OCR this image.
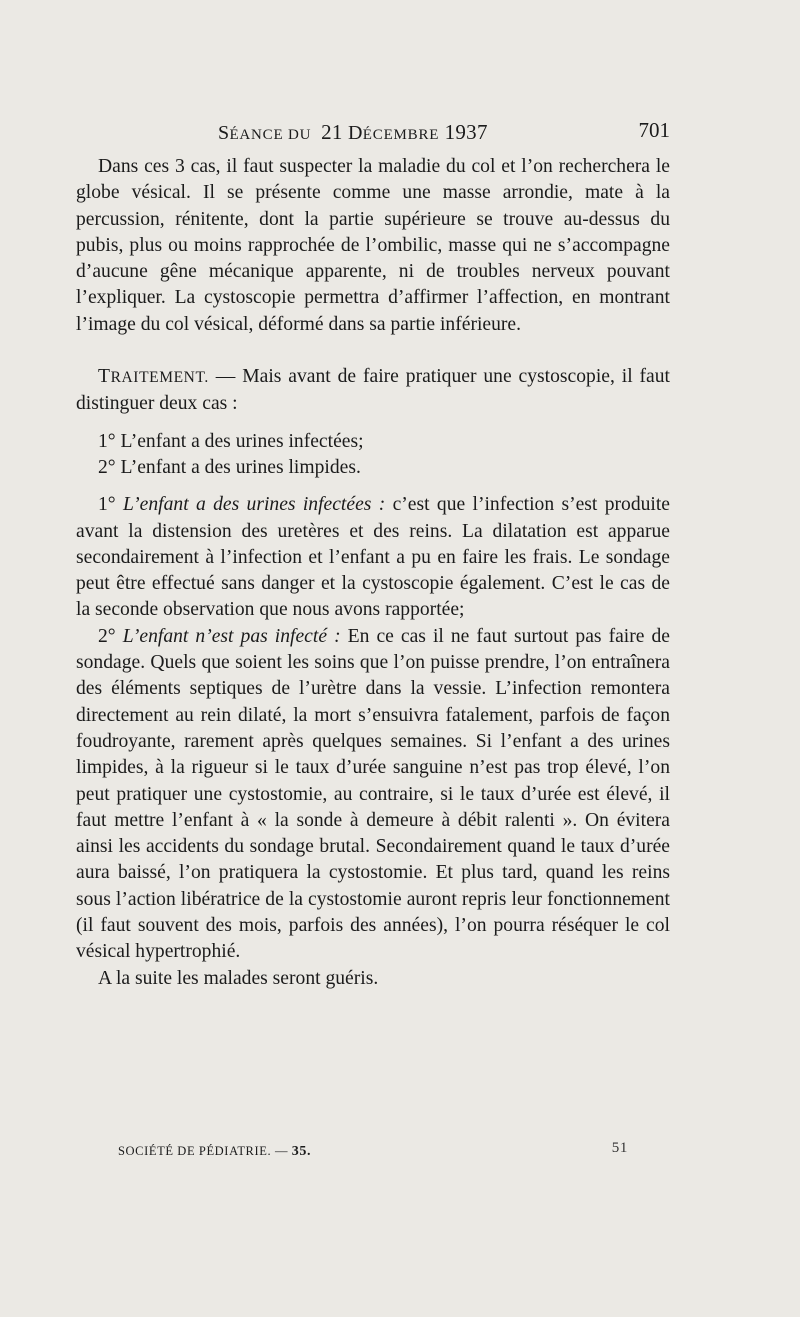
SÉANCE DU 21 DÉCEMBRE 1937	701

Dans ces 3 cas, il faut suspecter la maladie du col et l’on recherchera le globe vésical. Il se présente comme une masse arrondie, mate à la percussion, rénitente, dont la partie supérieure se trouve au-dessus du pubis, plus ou moins rapprochée de l’ombilic, masse qui ne s’accompagne d’aucune gêne mécanique apparente, ni de troubles nerveux pouvant l’expliquer. La cystoscopie permettra d’affirmer l’affection, en montrant l’image du col vésical, déformé dans sa partie inférieure.

TRAITEMENT. — Mais avant de faire pratiquer une cystoscopie, il faut distinguer deux cas :

1° L’enfant a des urines infectées;

2° L’enfant a des urines limpides.

1° L’enfant a des urines infectées : c’est que l’infection s’est produite avant la distension des uretères et des reins. La dilatation est apparue secondairement à l’infection et l’enfant a pu en faire les frais. Le sondage peut être effectué sans danger et la cystoscopie également. C’est le cas de la seconde observation que nous avons rapportée;

2° L’enfant n’est pas infecté : En ce cas il ne faut surtout pas faire de sondage. Quels que soient les soins que l’on puisse prendre, l’on entraînera des éléments septiques de l’urètre dans la vessie. L’infection remontera directement au rein dilaté, la mort s’ensuivra fatalement, parfois de façon foudroyante, rarement après quelques semaines. Si l’enfant a des urines limpides, à la rigueur si le taux d’urée sanguine n’est pas trop élevé, l’on peut pratiquer une cystostomie, au contraire, si le taux d’urée est élevé, il faut mettre l’enfant à « la sonde à demeure à débit ralenti ». On évitera ainsi les accidents du sondage brutal. Secondairement quand le taux d’urée aura baissé, l’on pratiquera la cystostomie. Et plus tard, quand les reins sous l’action libératrice de la cystostomie auront repris leur fonctionnement (il faut souvent des mois, parfois des années), l’on pourra réséquer le col vésical hypertrophié.

A la suite les malades seront guéris.

SOCIÉTÉ DE PÉDIATRIE. — 35.	51
